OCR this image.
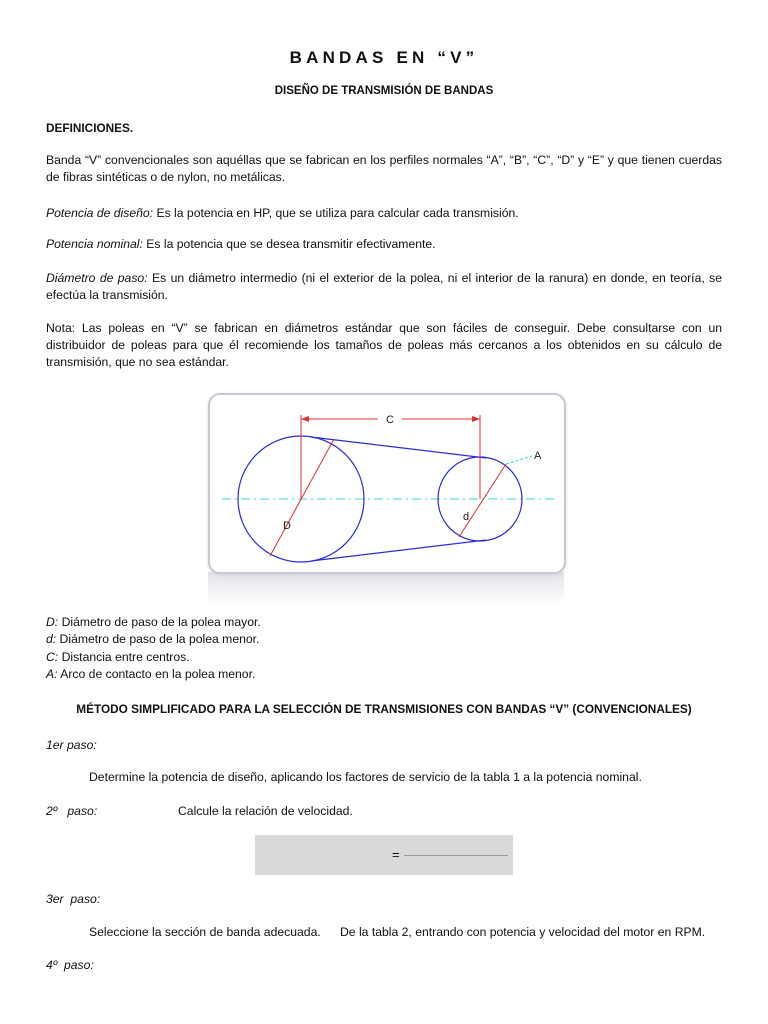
BANDAS EN “V”
DISEÑO DE TRANSMISIÓN DE BANDAS
DEFINICIONES.
Banda “V” convencionales son aquéllas que se fabrican en los perfiles normales “A”, “B”, “C”, “D” y “E” y que tienen cuerdas de fibras sintéticas o de nylon, no metálicas.
Potencia de diseño: Es la potencia en HP, que se utiliza para calcular cada transmisión.
Potencia nominal: Es la potencia que se desea transmitir efectivamente.
Diámetro de paso: Es un diámetro intermedio (ni el exterior de la polea, ni el interior de la ranura) en donde, en teoría, se efectúa la transmisión.
Nota: Las poleas en “V” se fabrican en diámetros estándar que son fáciles de conseguir. Debe consultarse con un distribuidor de poleas para que él recomiende los tamaños de poleas más cercanos a los obtenidos en su cálculo de transmisión, que no sea estándar.
C
A
D
d
D: Diámetro de paso de la polea mayor.
d: Diámetro de paso de la polea menor.
C: Distancia entre centros.
A: Arco de contacto en la polea menor.
MÉTODO SIMPLIFICADO PARA LA SELECCIÓN DE TRANSMISIONES CON BANDAS “V” (CONVENCIONALES)
1er paso:
Determine la potencia de diseño, aplicando los factores de servicio de la tabla 1 a la potencia nominal.
2º   paso:	Calcule la relación de velocidad.
=
3er  paso:
Seleccione la sección de banda adecuada. De la tabla 2, entrando con potencia y velocidad del motor en RPM.
4º  paso:
